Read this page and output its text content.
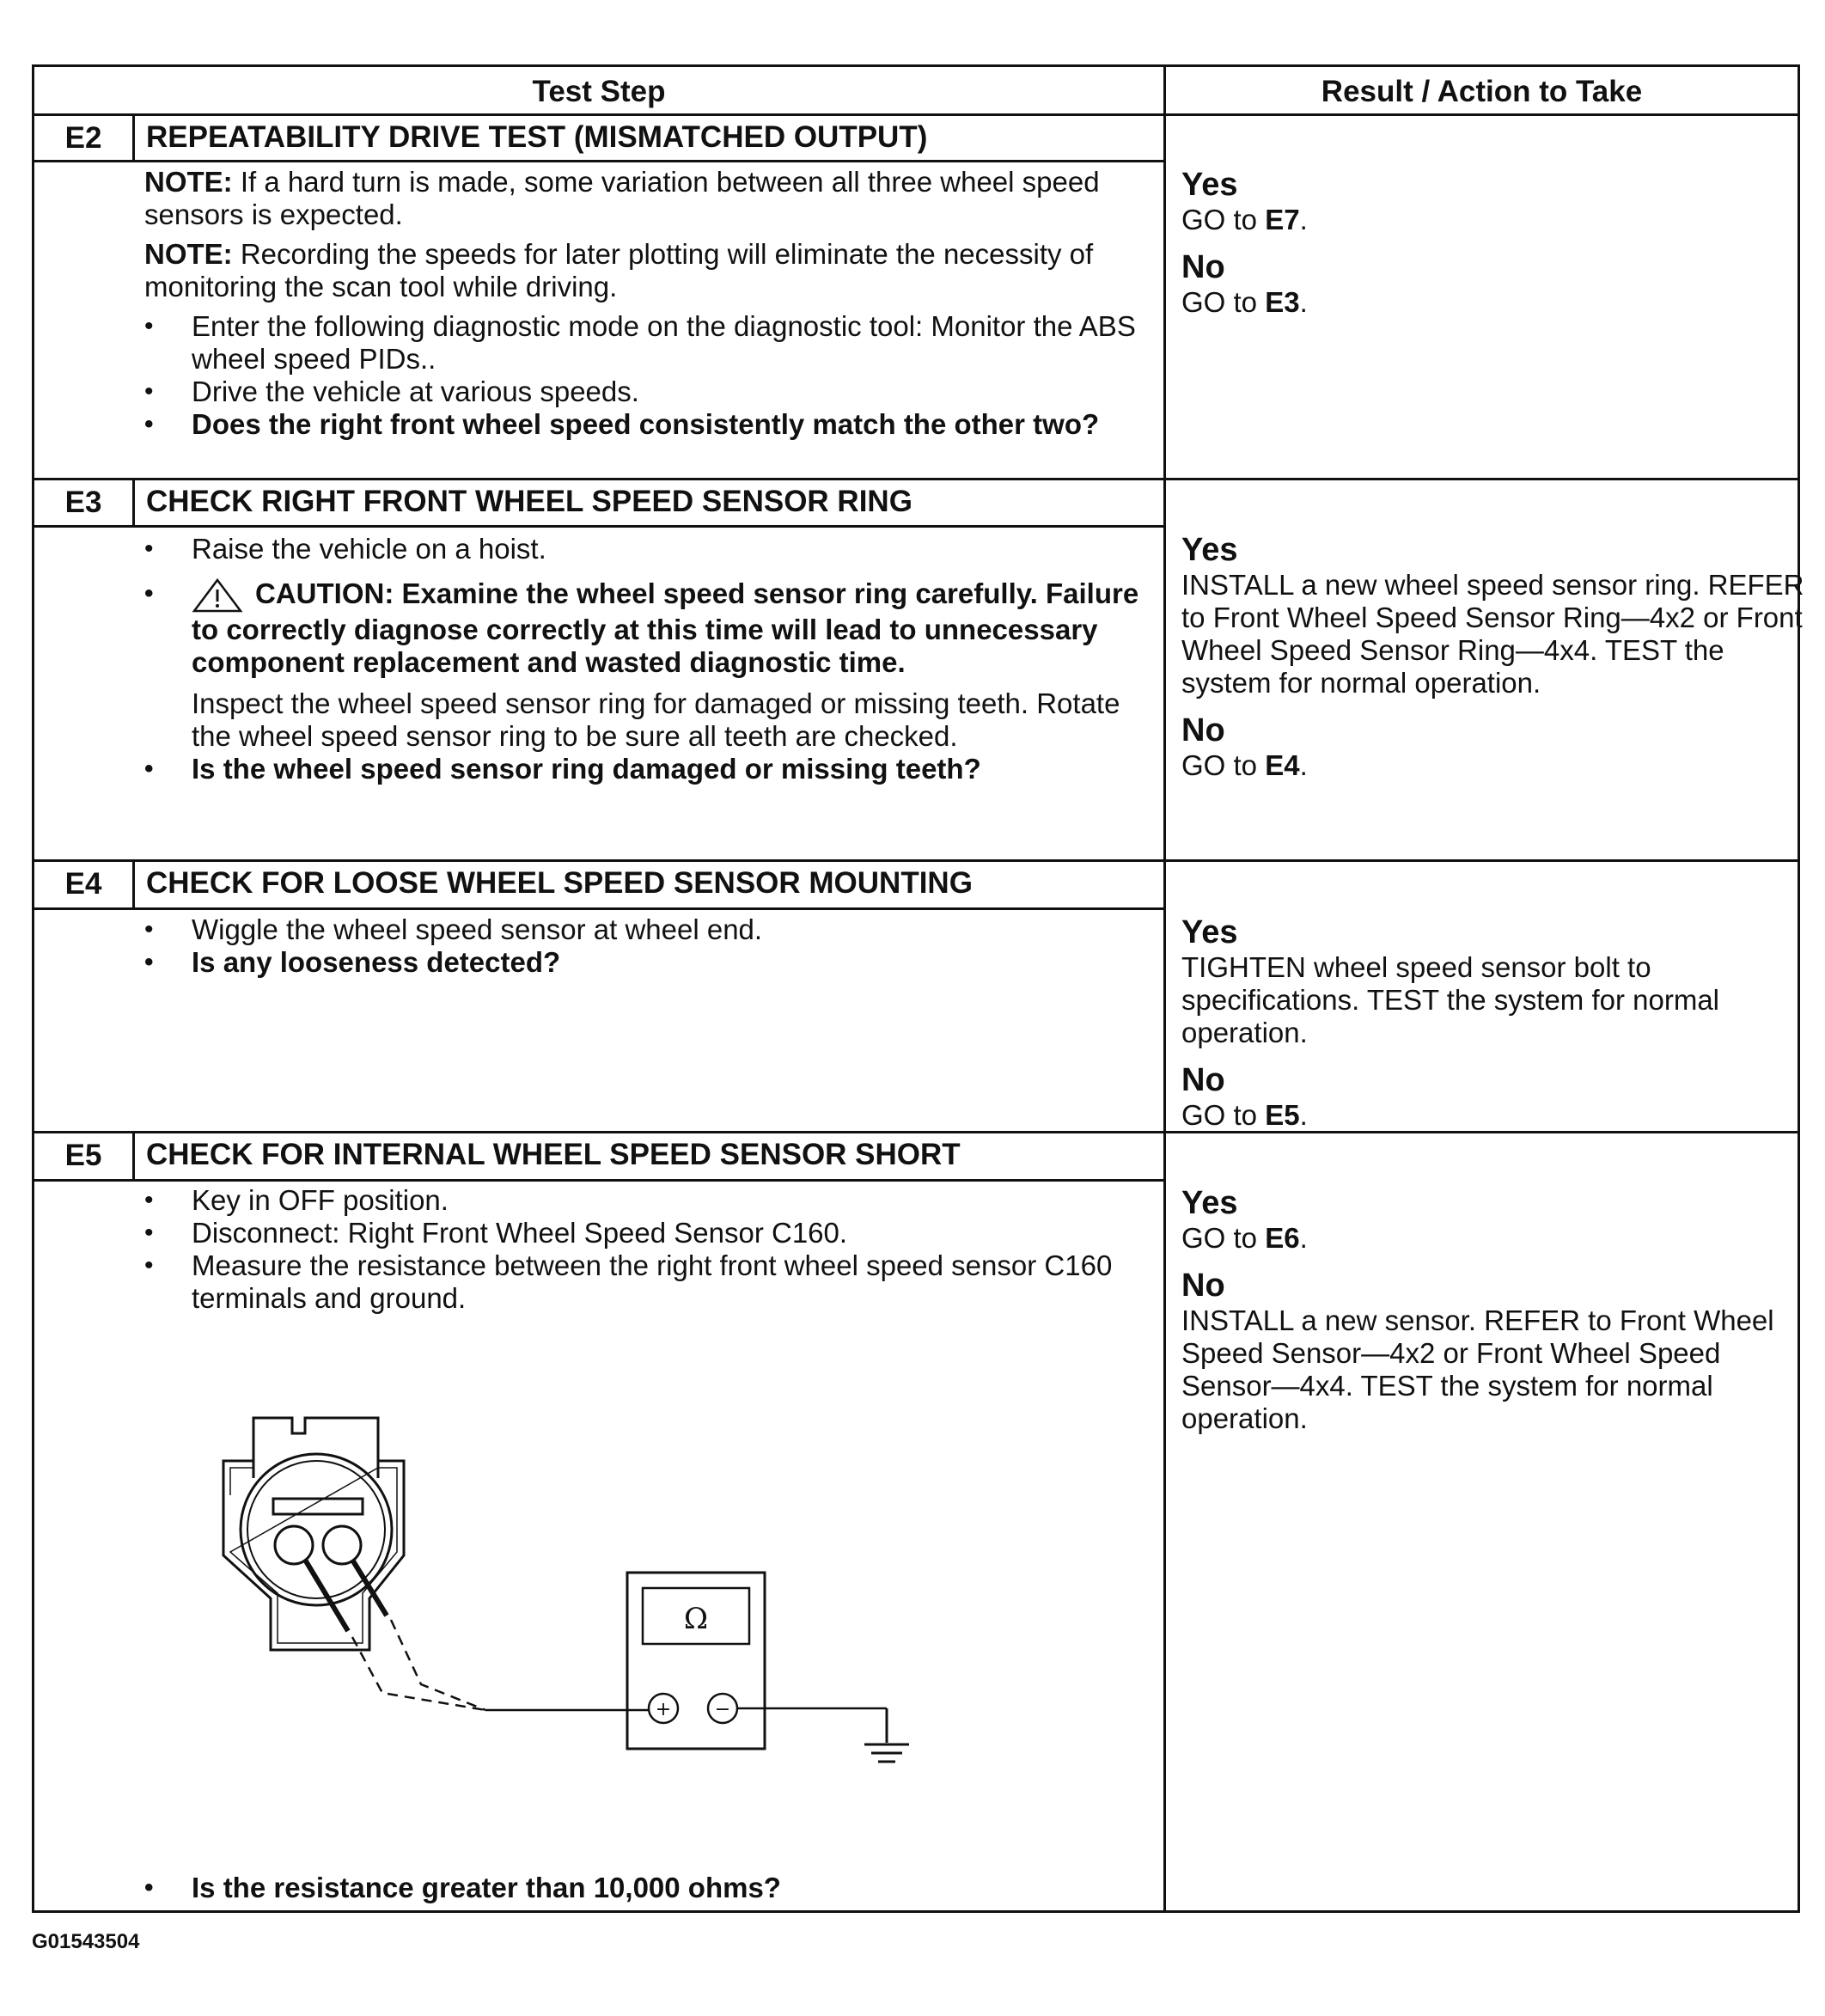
Test Step	Result / Action to Take
E2	REPEATABILITY DRIVE TEST (MISMATCHED OUTPUT)

NOTE: If a hard turn is made, some variation between all three wheel speed sensors is expected.

NOTE: Recording the speeds for later plotting will eliminate the necessity of monitoring the scan tool while driving.

• Enter the following diagnostic mode on the diagnostic tool: Monitor the ABS wheel speed PIDs..
• Drive the vehicle at various speeds.
• Does the right front wheel speed consistently match the other two?
Yes
GO to E7.
No
GO to E3.
E3	CHECK RIGHT FRONT WHEEL SPEED SENSOR RING
• Raise the vehicle on a hoist.
• CAUTION: Examine the wheel speed sensor ring carefully. Failure to correctly diagnose correctly at this time will lead to unnecessary component replacement and wasted diagnostic time.
Inspect the wheel speed sensor ring for damaged or missing teeth. Rotate the wheel speed sensor ring to be sure all teeth are checked.
• Is the wheel speed sensor ring damaged or missing teeth?
Yes
INSTALL a new wheel speed sensor ring. REFER to Front Wheel Speed Sensor Ring—4x2 or Front Wheel Speed Sensor Ring—4x4. TEST the system for normal operation.
No
GO to E4.
E4	CHECK FOR LOOSE WHEEL SPEED SENSOR MOUNTING
• Wiggle the wheel speed sensor at wheel end.
• Is any looseness detected?
Yes
TIGHTEN wheel speed sensor bolt to specifications. TEST the system for normal operation.
No
GO to E5.
E5	CHECK FOR INTERNAL WHEEL SPEED SENSOR SHORT
• Key in OFF position.
• Disconnect: Right Front Wheel Speed Sensor C160.
• Measure the resistance between the right front wheel speed sensor C160 terminals and ground.
• Is the resistance greater than 10,000 ohms?
Yes
GO to E6.
No
INSTALL a new sensor. REFER to Front Wheel Speed Sensor—4x2 or Front Wheel Speed Sensor—4x4. TEST the system for normal operation.
Ω
+ −
G01543504
